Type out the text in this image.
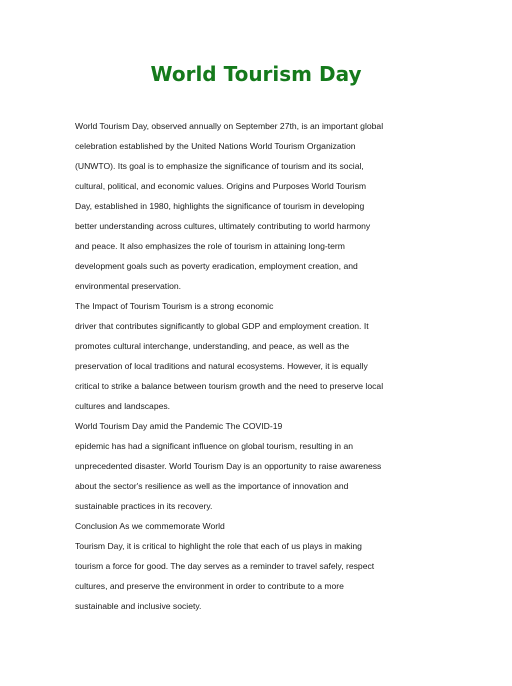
World Tourism Day
World Tourism Day, observed annually on September 27th, is an important global
celebration established by the United Nations World Tourism Organization
(UNWTO). Its goal is to emphasize the significance of tourism and its social,
cultural, political, and economic values. Origins and Purposes World Tourism
Day, established in 1980, highlights the significance of tourism in developing
better understanding across cultures, ultimately contributing to world harmony
and peace. It also emphasizes the role of tourism in attaining long-term
development goals such as poverty eradication, employment creation, and
environmental preservation.
The Impact of Tourism Tourism is a strong economic
driver that contributes significantly to global GDP and employment creation. It
promotes cultural interchange, understanding, and peace, as well as the
preservation of local traditions and natural ecosystems. However, it is equally
critical to strike a balance between tourism growth and the need to preserve local
cultures and landscapes.
World Tourism Day amid the Pandemic The COVID-19
epidemic has had a significant influence on global tourism, resulting in an
unprecedented disaster. World Tourism Day is an opportunity to raise awareness
about the sector's resilience as well as the importance of innovation and
sustainable practices in its recovery.
Conclusion As we commemorate World
Tourism Day, it is critical to highlight the role that each of us plays in making
tourism a force for good. The day serves as a reminder to travel safely, respect
cultures, and preserve the environment in order to contribute to a more
sustainable and inclusive society.
